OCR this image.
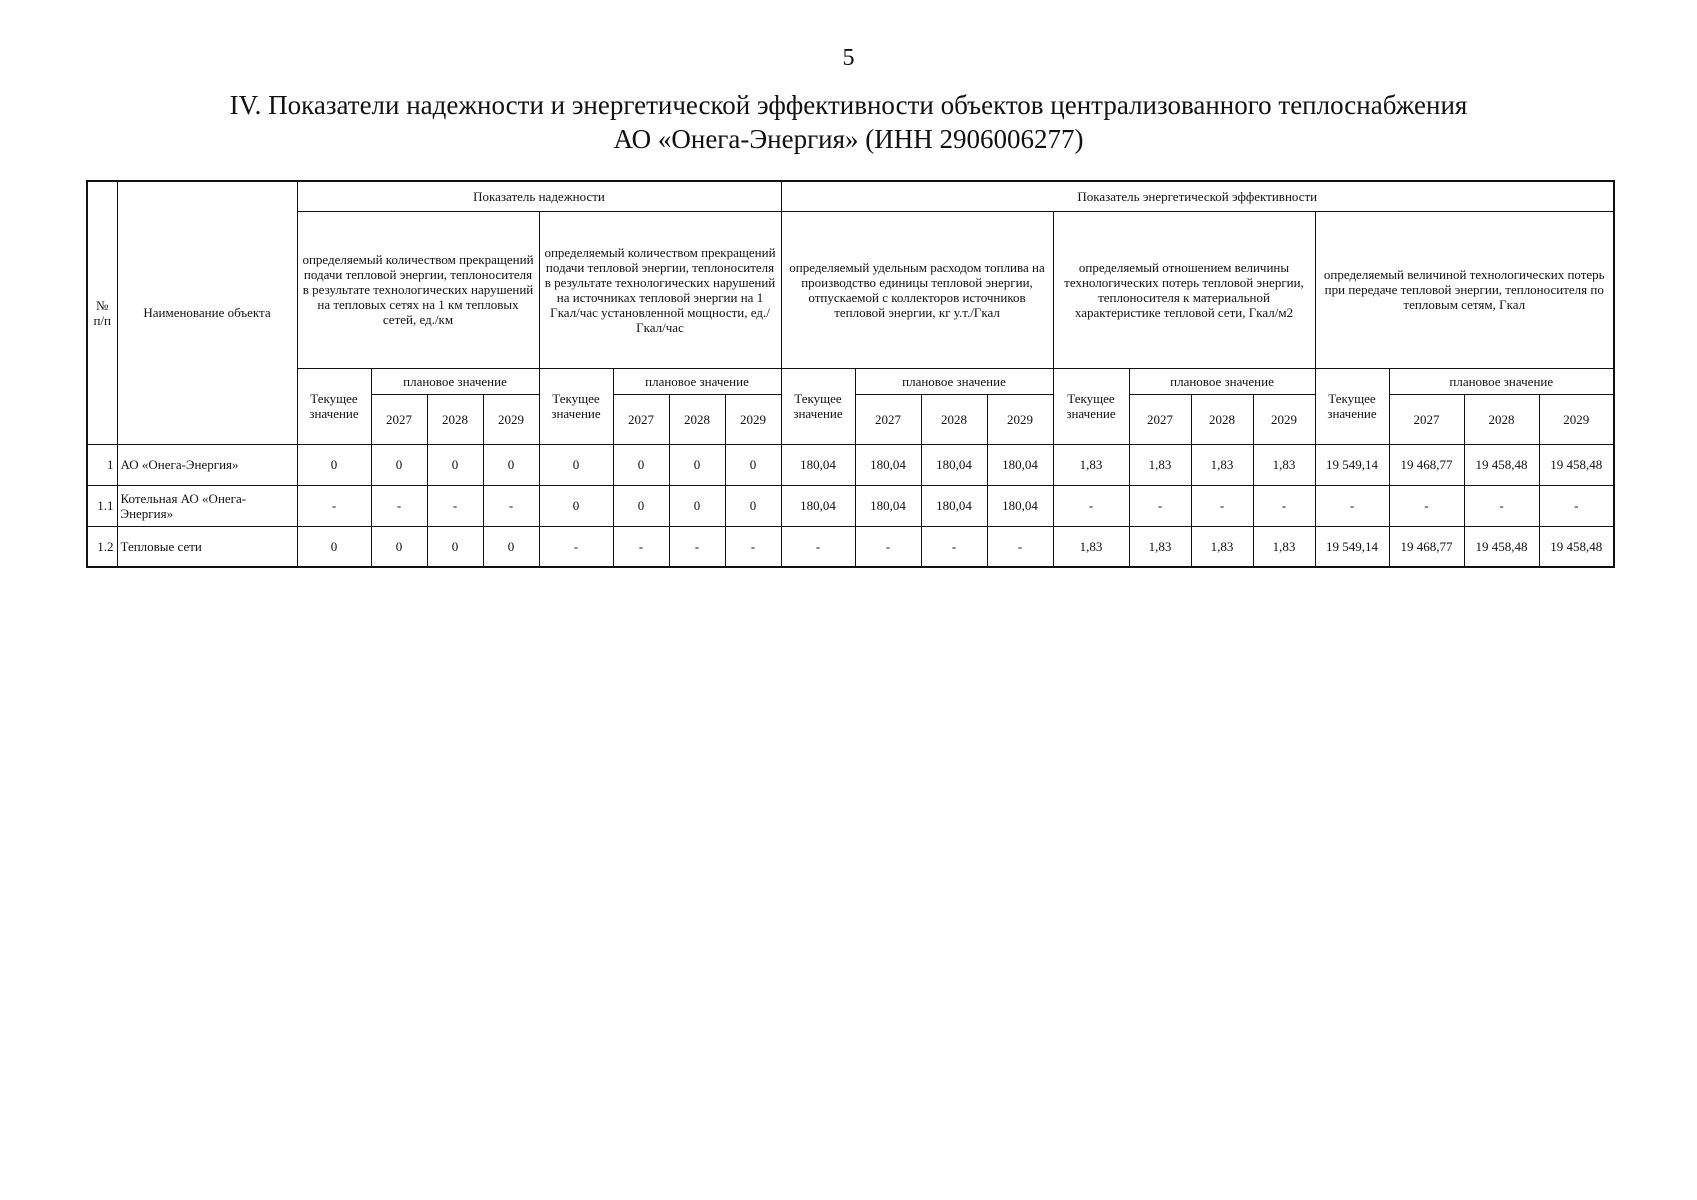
5
IV. Показатели надежности и энергетической эффективности объектов централизованного теплоснабжения
АО «Онега-Энергия» (ИНН 2906006277)
№ п/п	Наименование объекта	Показатель надежности								Показатель энергетической эффективности											
		определяемый количеством прекращений подачи тепловой энергии, теплоносителя в результате технологических нарушений на тепловых сетях на 1 км тепловых сетей, ед./км				определяемый количеством прекращений подачи тепловой энергии, теплоносителя в результате технологических нарушений на источниках тепловой энергии на 1 Гкал/час установленной мощности, ед./Гкал/час				определяемый удельным расходом топлива на производство единицы тепловой энергии, отпускаемой с коллекторов источников тепловой энергии, кг у.т./Гкал				определяемый отношением величины технологических потерь тепловой энергии, теплоносителя к материальной характеристике тепловой сети, Гкал/м2				определяемый величиной технологических потерь при передаче тепловой энергии, теплоносителя по тепловым сетям, Гкал			
		Текущее значение	плановое значение			Текущее значение	плановое значение			Текущее значение	плановое значение			Текущее значение	плановое значение			Текущее значение	плановое значение		
			2027	2028	2029		2027	2028	2029		2027	2028	2029		2027	2028	2029		2027	2028	2029
1	АО «Онега-Энергия»	0	0	0	0	0	0	0	0	180,04	180,04	180,04	180,04	1,83	1,83	1,83	1,83	19 549,14	19 468,77	19 458,48	19 458,48
1.1	Котельная АО «Онега-Энергия»	-	-	-	-	0	0	0	0	180,04	180,04	180,04	180,04	-	-	-	-	-	-	-	-
1.2	Тепловые сети	0	0	0	0	-	-	-	-	-	-	-	-	1,83	1,83	1,83	1,83	19 549,14	19 468,77	19 458,48	19 458,48
